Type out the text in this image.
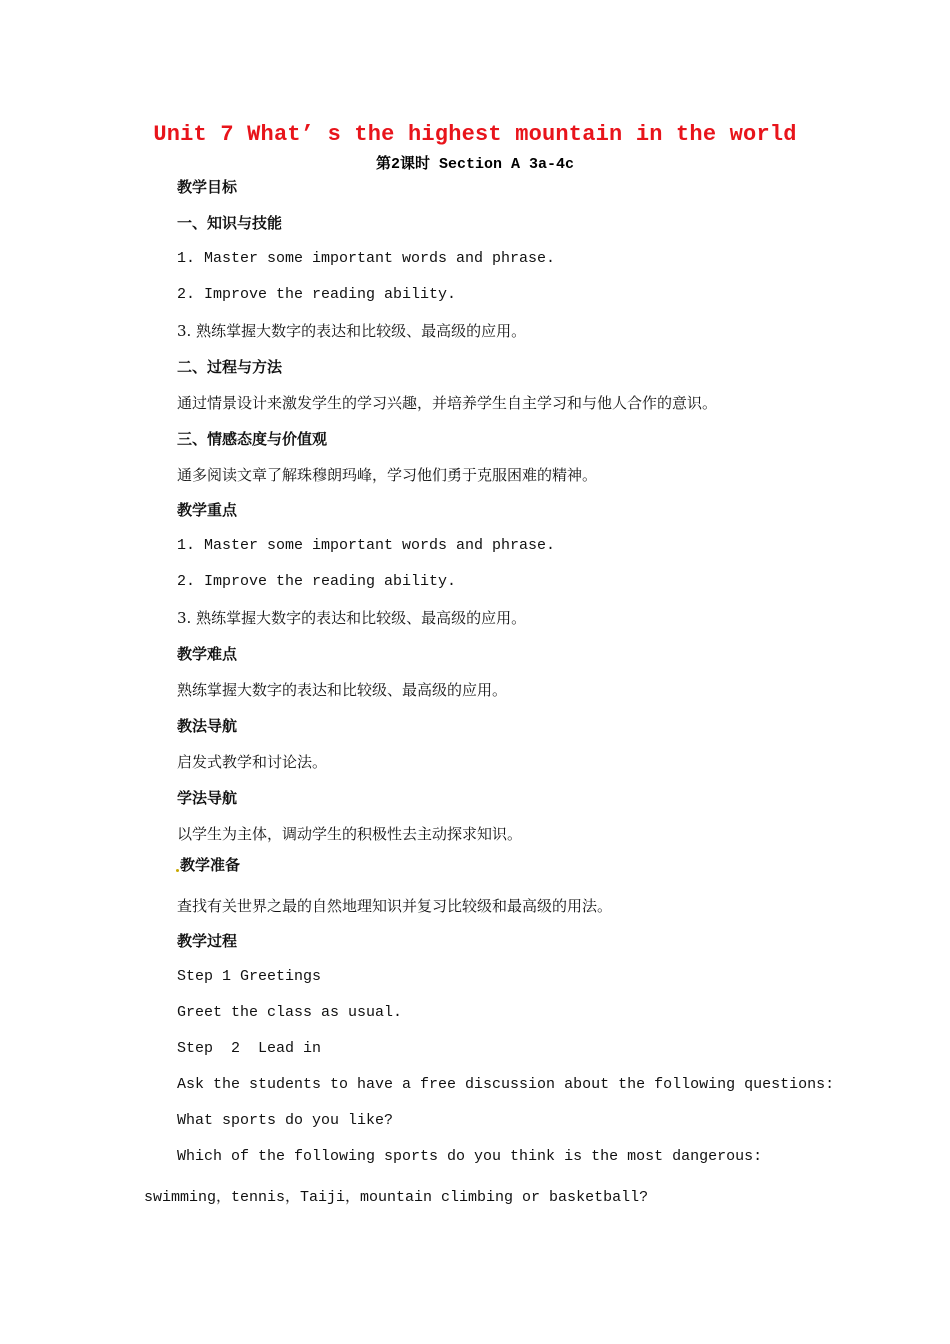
Unit 7 What’ s the highest mountain in the world
第2课时 Section A 3a-4c
教学目标
一、知识与技能
1. Master some important words and phrase.
2. Improve the reading ability.
3. 熟练掌握大数字的表达和比较级、最高级的应用。
二、过程与方法
通过情景设计来激发学生的学习兴趣，并培养学生自主学习和与他人合作的意识。
三、情感态度与价值观
通多阅读文章了解珠穆朗玛峰，学习他们勇于克服困难的精神。
教学重点
1. Master some important words and phrase.
2. Improve the reading ability.
3. 熟练掌握大数字的表达和比较级、最高级的应用。
教学难点
熟练掌握大数字的表达和比较级、最高级的应用。
教法导航
启发式教学和讨论法。
学法导航
以学生为主体，调动学生的积极性去主动探求知识。
教学准备
查找有关世界之最的自然地理知识并复习比较级和最高级的用法。
教学过程
Step 1 Greetings
Greet the class as usual.
Step  2  Lead in
Ask the students to have a free discussion about the following questions:
What sports do you like?
Which of the following sports do you think is the most dangerous:
swimming，tennis，Taiji，mountain climbing or basketball?
